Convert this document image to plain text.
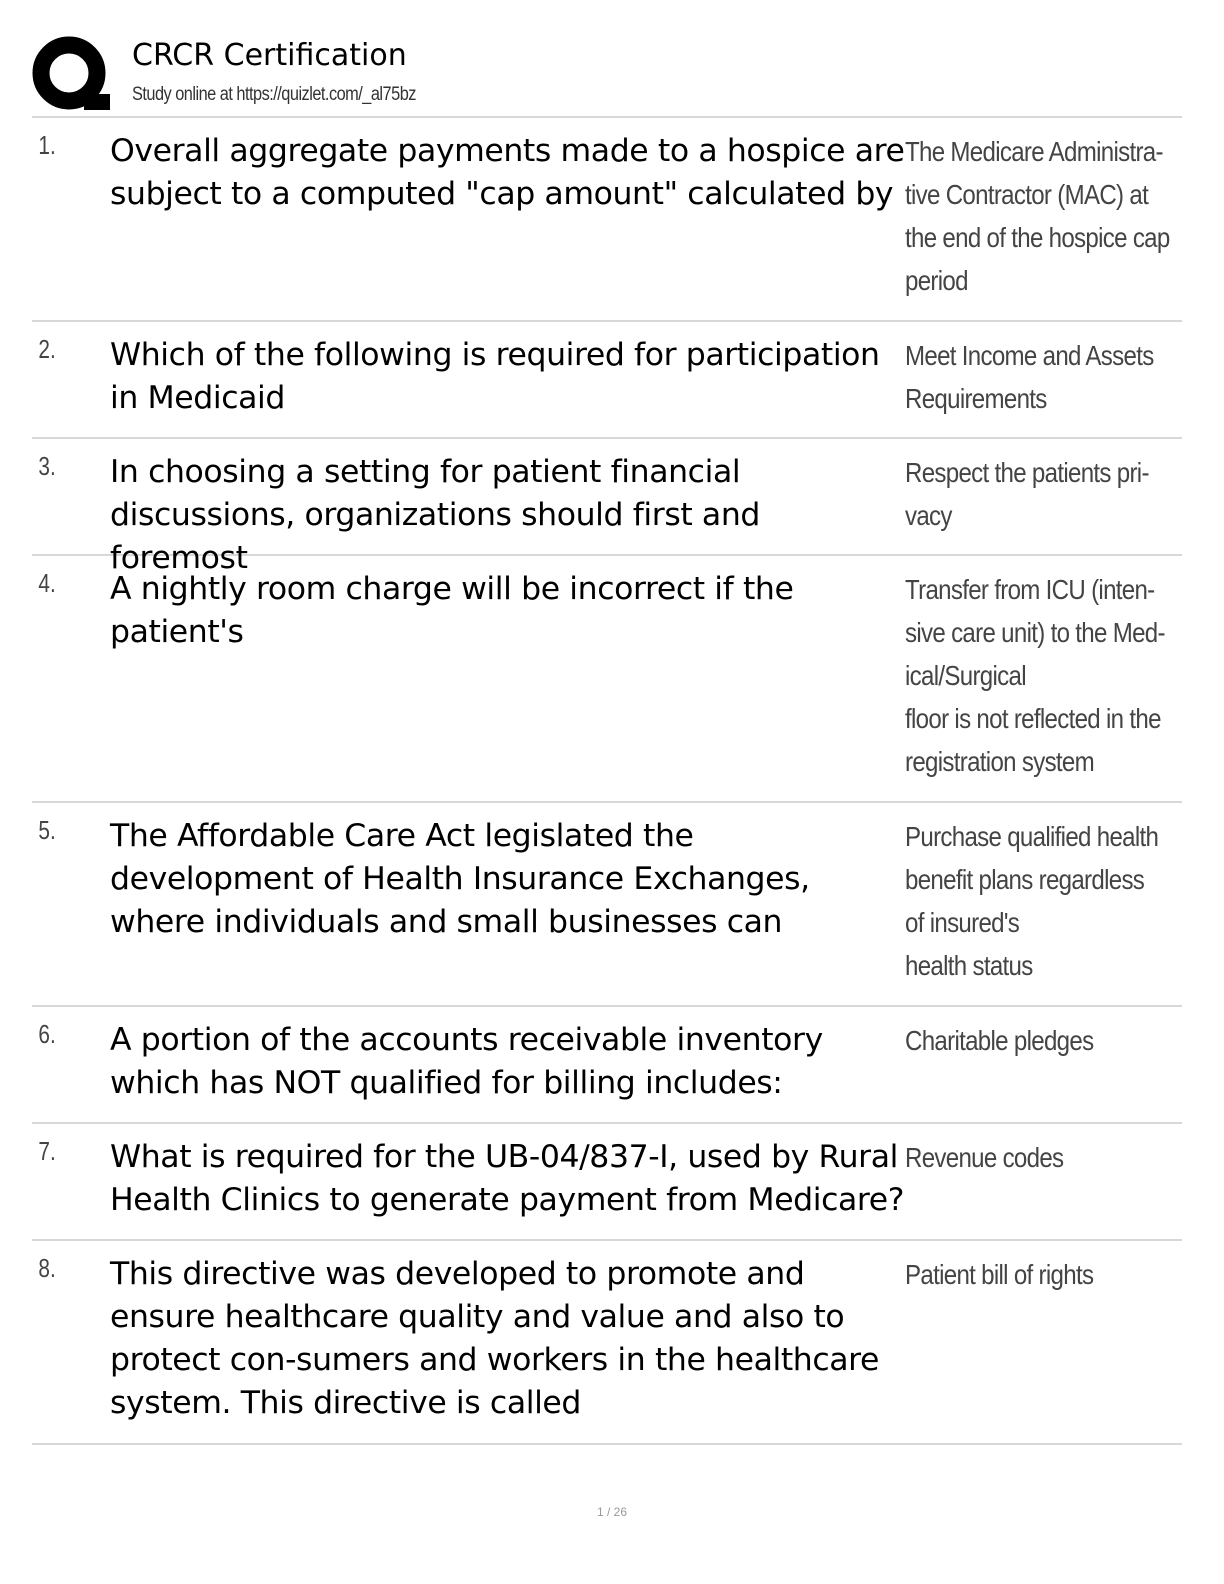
CRCR Certification
Study online at https://quizlet.com/_al75bz
1.	Overall aggregate payments made to a hospice are subject to a computed "cap amount" calculated by
The Medicare Administra-
tive Contractor (MAC) at
the end of the hospice cap
period
2.	Which of the following is required for participation in Medicaid
Meet Income and Assets
Requirements
3.	In choosing a setting for patient financial discussions, organizations should first and foremost
Respect the patients pri-
vacy
4.	A nightly room charge will be incorrect if the patient's
Transfer from ICU (inten-
sive care unit) to the Med-
ical/Surgical
floor is not reflected in the
registration system
5.	The Affordable Care Act legislated the development of Health Insurance Exchanges, where individuals and small businesses can
Purchase qualified health
benefit plans regardless
of insured's
health status
6.	A portion of the accounts receivable inventory which has NOT qualified for billing includes:
Charitable pledges
7.	What is required for the UB-04/837-I, used by Rural Health Clinics to generate payment from Medicare?
Revenue codes
8.	This directive was developed to promote and ensure healthcare quality and value and also to protect con-sumers and workers in the healthcare system. This directive is called
Patient bill of rights
1 / 26
